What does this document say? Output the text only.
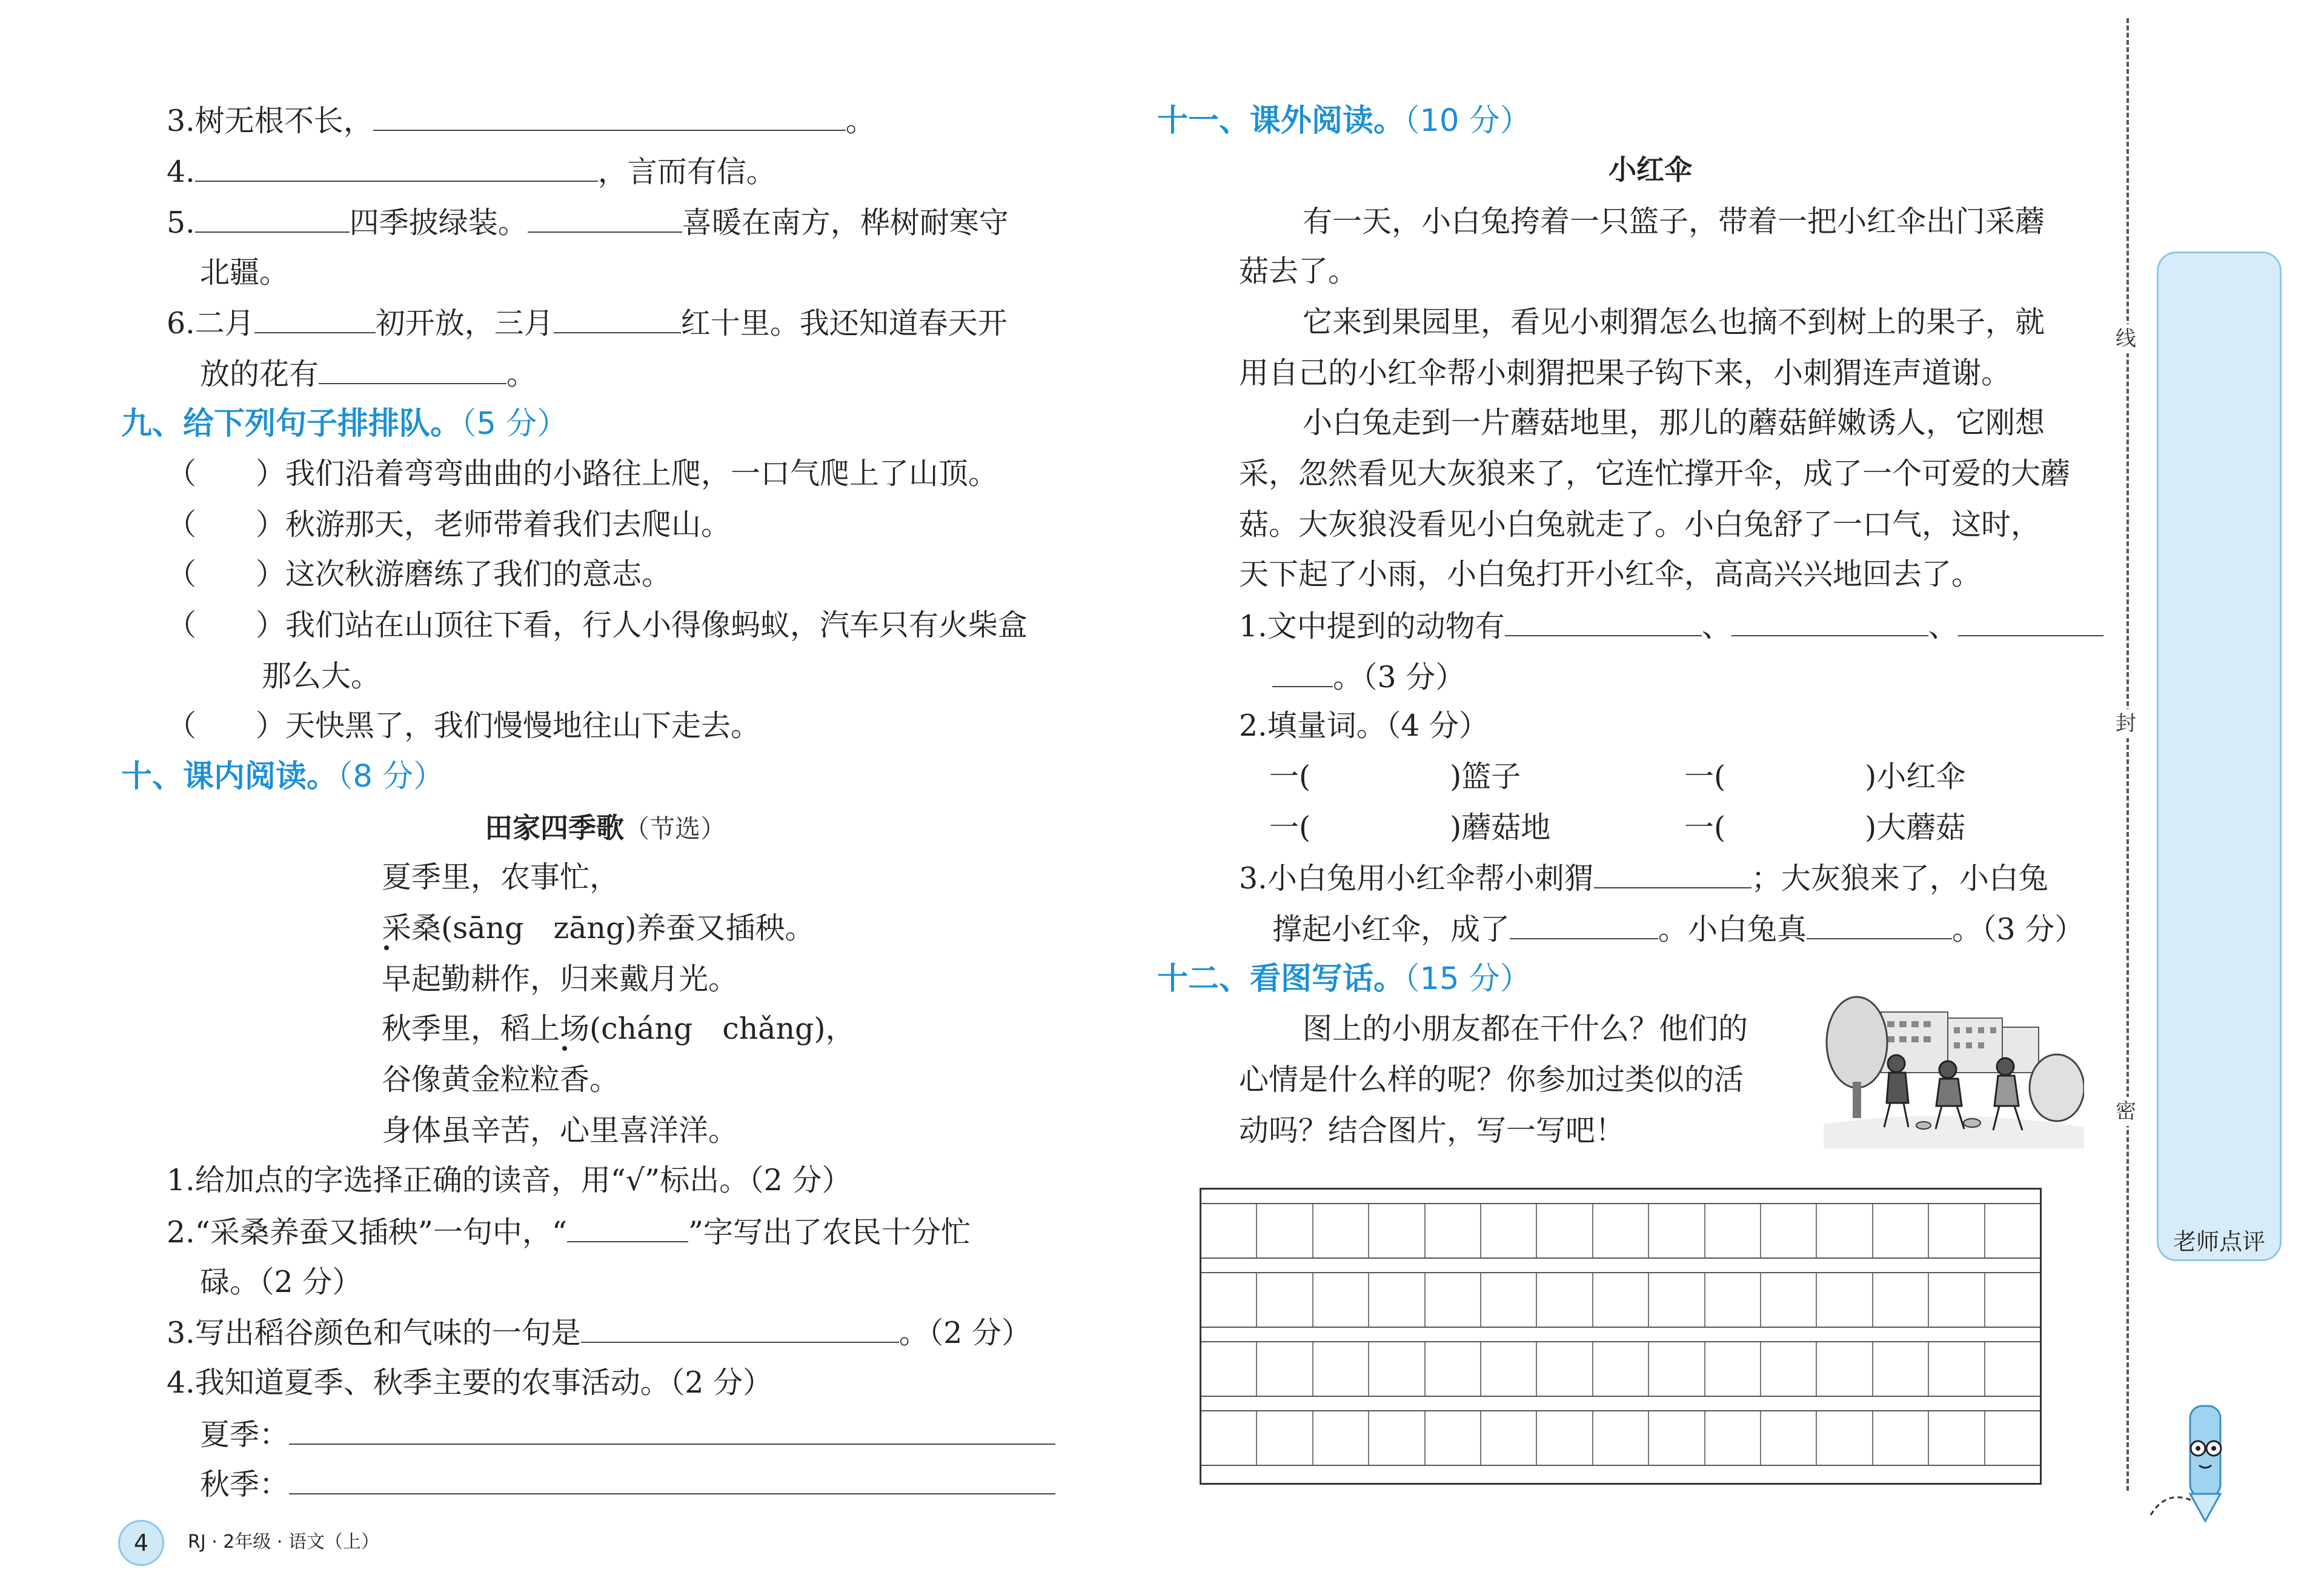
3.树无根不长，	。
4.	，言而有信。
5.	四季披绿装。	喜暖在南方，桦树耐寒守
北疆。
6.二月	初开放，三月	红十里。我还知道春天开
放的花有	。
九、给下列句子排排队。（5 分）
（　　）我们沿着弯弯曲曲的小路往上爬，一口气爬上了山顶。
（　　）秋游那天，老师带着我们去爬山。
（　　）这次秋游磨练了我们的意志。
（　　）我们站在山顶往下看，行人小得像蚂蚁，汽车只有火柴盒
那么大。
（　　）天快黑了，我们慢慢地往山下走去。
十、课内阅读。（8 分）
田家四季歌（节选）
夏季里，农事忙，
采桑(sāng　zāng)养蚕又插秧。
早起勤耕作，归来戴月光。
秋季里，稻上场(cháng　chǎng)，
谷像黄金粒粒香。
身体虽辛苦，心里喜洋洋。
1.给加点的字选择正确的读音，用“√”标出。（2 分）
2.“采桑养蚕又插秧”一句中，“	”字写出了农民十分忙
碌。（2 分）
3.写出稻谷颜色和气味的一句是	。（2 分）
4.我知道夏季、秋季主要的农事活动。（2 分）
夏季：
秋季：
4	RJ · 2年级 · 语文（上）
十一、课外阅读。（10 分）
小红伞
有一天，小白兔挎着一只篮子，带着一把小红伞出门采蘑
菇去了。
它来到果园里，看见小刺猬怎么也摘不到树上的果子，就
用自己的小红伞帮小刺猬把果子钩下来，小刺猬连声道谢。
小白兔走到一片蘑菇地里，那儿的蘑菇鲜嫩诱人，它刚想
采，忽然看见大灰狼来了，它连忙撑开伞，成了一个可爱的大蘑
菇。大灰狼没看见小白兔就走了。小白兔舒了一口气，这时，
天下起了小雨，小白兔打开小红伞，高高兴兴地回去了。
1.文中提到的动物有	、	、
。（3 分）
2.填量词。（4 分）
一(	)篮子	一(	)小红伞
一(	)蘑菇地	一(	)大蘑菇
3.小白兔用小红伞帮小刺猬	；大灰狼来了，小白兔
撑起小红伞，成了	。小白兔真	。（3 分）
十二、看图写话。（15 分）
图上的小朋友都在干什么？他们的
心情是什么样的呢？你参加过类似的活
动吗？结合图片，写一写吧！
线
封
密
老师点评
